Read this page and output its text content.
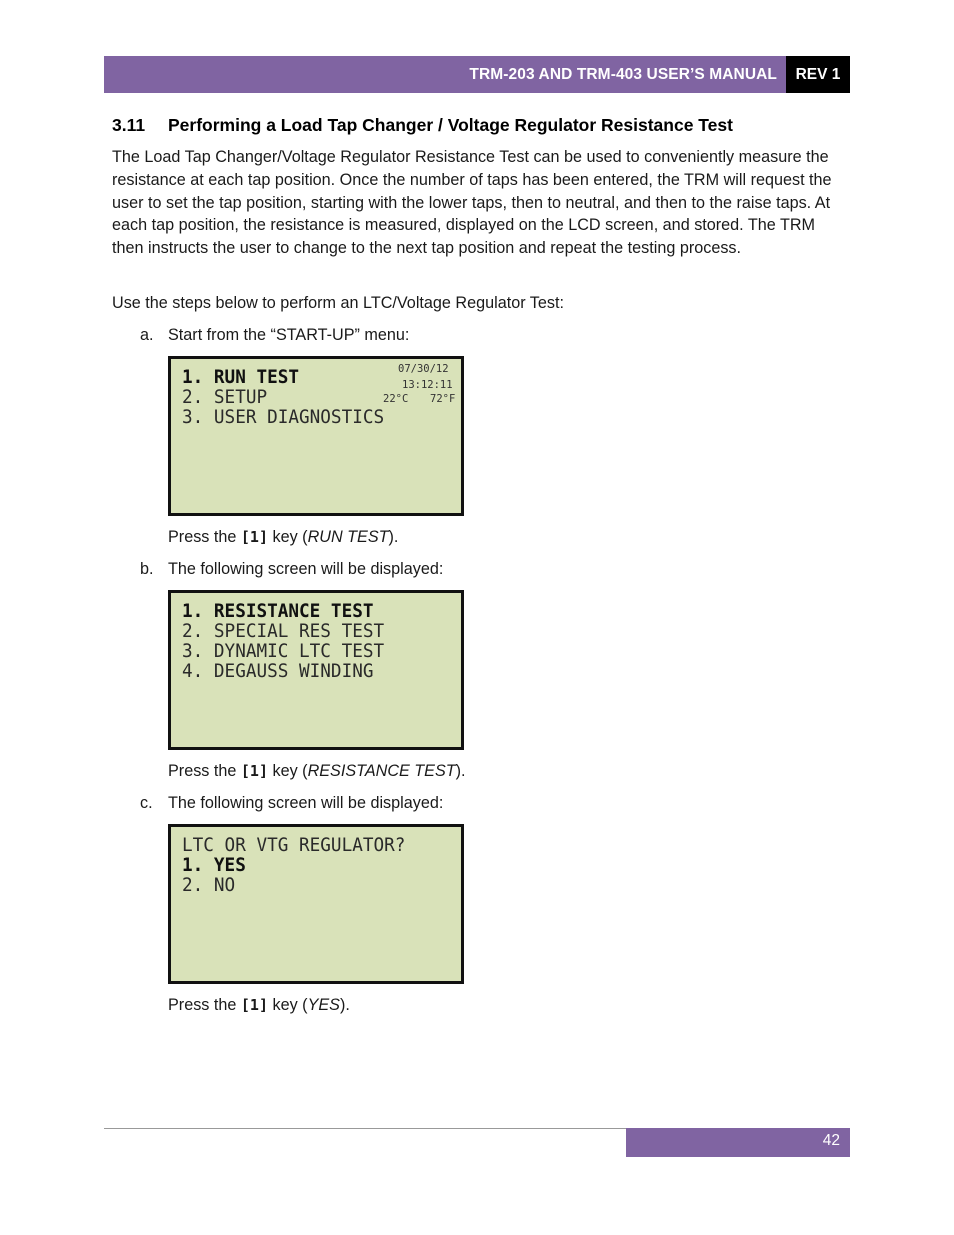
TRM-203 AND TRM-403 USER’S MANUAL	REV 1
3.11 Performing a Load Tap Changer / Voltage Regulator Resistance Test

The Load Tap Changer/Voltage Regulator Resistance Test can be used to conveniently measure the resistance at each tap position. Once the number of taps has been entered, the TRM will request the user to set the tap position, starting with the lower taps, then to neutral, and then to the raise taps. At each tap position, the resistance is measured, displayed on the LCD screen, and stored. The TRM then instructs the user to change to the next tap position and repeat the testing process.

Use the steps below to perform an LTC/Voltage Regulator Test:

a. Start from the “START-UP” menu:
1. RUN TEST
2. SETUP
3. USER DIAGNOSTICS
07/30/12
13:12:11
22°C 72°F
Press the [1] key (RUN TEST).
b. The following screen will be displayed:
1. RESISTANCE TEST
2. SPECIAL RES TEST
3. DYNAMIC LTC TEST
4. DEGAUSS WINDING
Press the [1] key (RESISTANCE TEST).
c. The following screen will be displayed:
LTC OR VTG REGULATOR?
1. YES
2. NO
Press the [1] key (YES).
42
